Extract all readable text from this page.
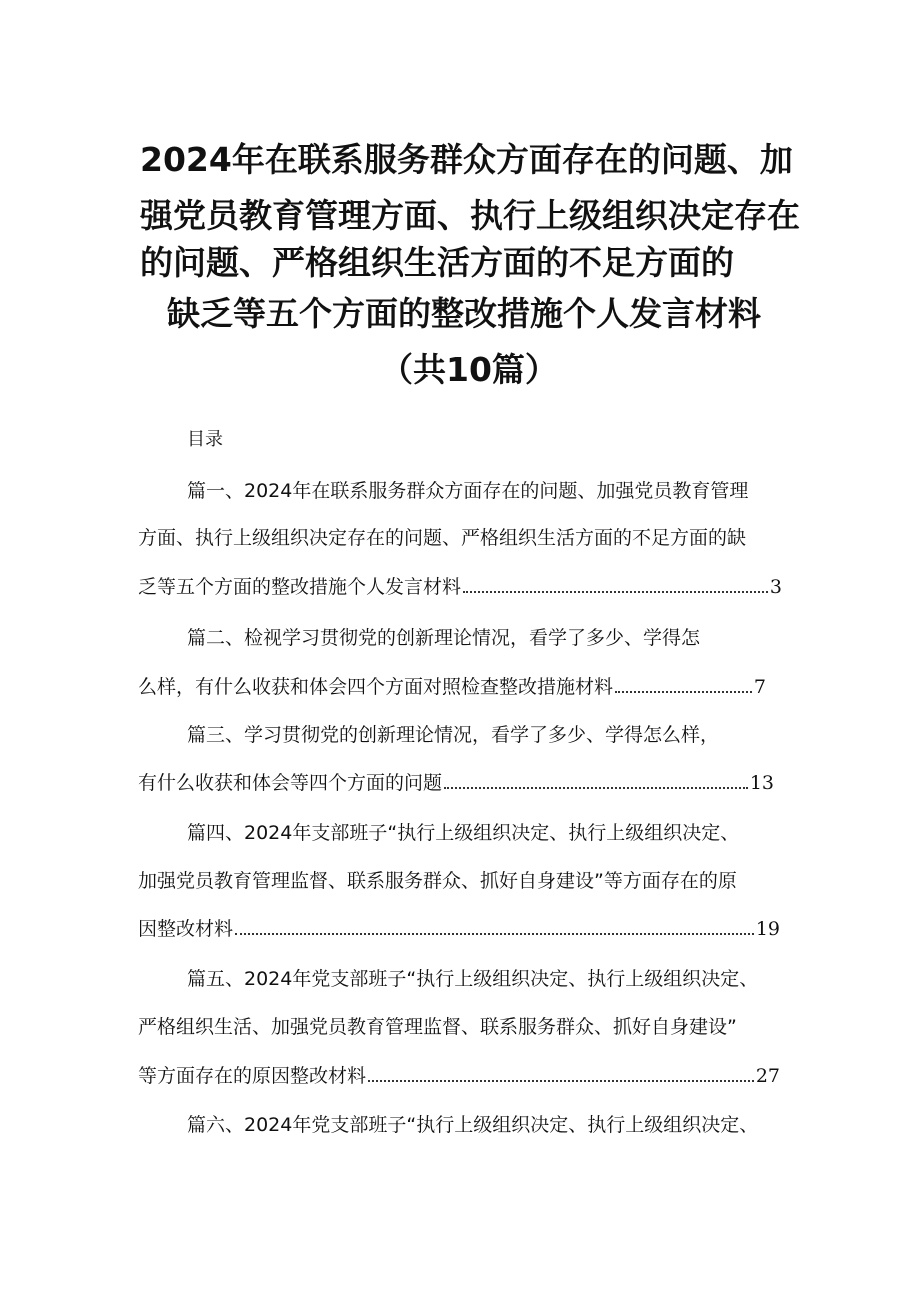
2024年在联系服务群众方面存在的问题、加
强党员教育管理方面、执行上级组织决定存在
的问题、严格组织生活方面的不足方面的
缺乏等五个方面的整改措施个人发言材料
（共10篇）
目录
篇一、2024年在联系服务群众方面存在的问题、加强党员教育管理
方面、执行上级组织决定存在的问题、严格组织生活方面的不足方面的缺
乏等五个方面的整改措施个人发言材料	3
篇二、检视学习贯彻党的创新理论情况，看学了多少、学得怎
么样，有什么收获和体会四个方面对照检查整改措施材料	7
篇三、学习贯彻党的创新理论情况，看学了多少、学得怎么样，
有什么收获和体会等四个方面的问题	13
篇四、2024年支部班子“执行上级组织决定、执行上级组织决定、
加强党员教育管理监督、联系服务群众、抓好自身建设”等方面存在的原
因整改材料	19
篇五、2024年党支部班子“执行上级组织决定、执行上级组织决定、
严格组织生活、加强党员教育管理监督、联系服务群众、抓好自身建设”
等方面存在的原因整改材料	27
篇六、2024年党支部班子“执行上级组织决定、执行上级组织决定、
